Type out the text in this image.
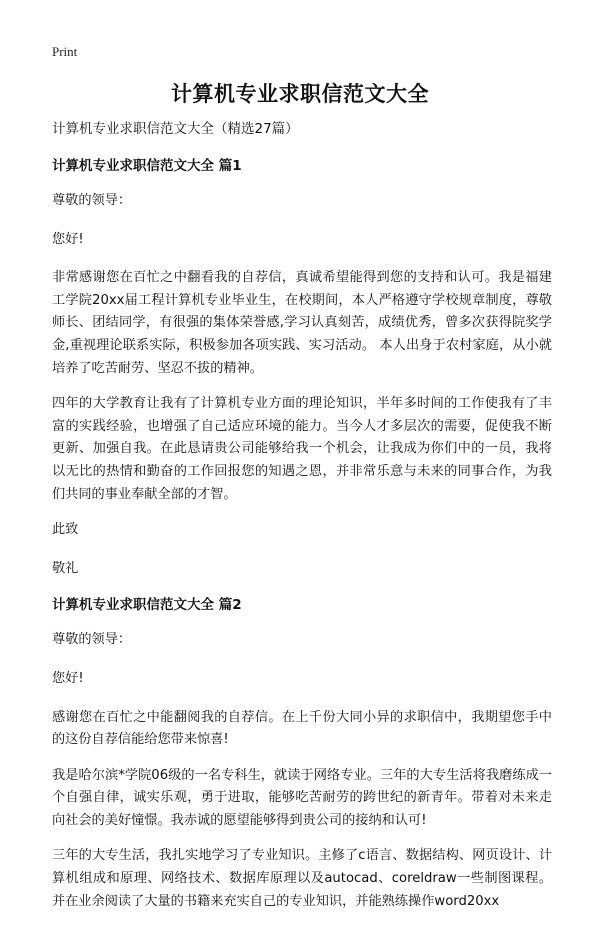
Print
计算机专业求职信范文大全
计算机专业求职信范文大全（精选27篇）
计算机专业求职信范文大全 篇1

尊敬的领导：

您好!

非常感谢您在百忙之中翻看我的自荐信，真诚希望能得到您的支持和认可。我是福建工学院20xx届工程计算机专业毕业生，在校期间，本人严格遵守学校规章制度，尊敬师长、团结同学，有很强的集体荣誉感,学习认真刻苦，成绩优秀，曾多次获得院奖学金,重视理论联系实际，积极参加各项实践、实习活动。 本人出身于农村家庭，从小就培养了吃苦耐劳、坚忍不拔的精神。

四年的大学教育让我有了计算机专业方面的理论知识，半年多时间的工作使我有了丰富的实践经验，也增强了自己适应环境的能力。当今人才多层次的需要，促使我不断更新、加强自我。在此恳请贵公司能够给我一个机会，让我成为你们中的一员，我将以无比的热情和勤奋的工作回报您的知遇之恩，并非常乐意与未来的同事合作，为我们共同的事业奉献全部的才智。

此致

敬礼

计算机专业求职信范文大全 篇2

尊敬的领导：

您好!

感谢您在百忙之中能翻阅我的自荐信。在上千份大同小异的求职信中，我期望您手中的这份自荐信能给您带来惊喜!

我是哈尔滨*学院06级的一名专科生，就读于网络专业。三年的大专生活将我磨练成一个自强自律，诚实乐观，勇于进取，能够吃苦耐劳的跨世纪的新青年。带着对未来走向社会的美好憧憬。我赤诚的愿望能够得到贵公司的接纳和认可!

三年的大专生活，我扎实地学习了专业知识。主修了c语言、数据结构、网页设计、计算机组成和原理、网络技术、数据库原理以及autocad、coreldraw一些制图课程。并在业余阅读了大量的书籍来充实自己的专业知识，并能熟练操作word20xx
